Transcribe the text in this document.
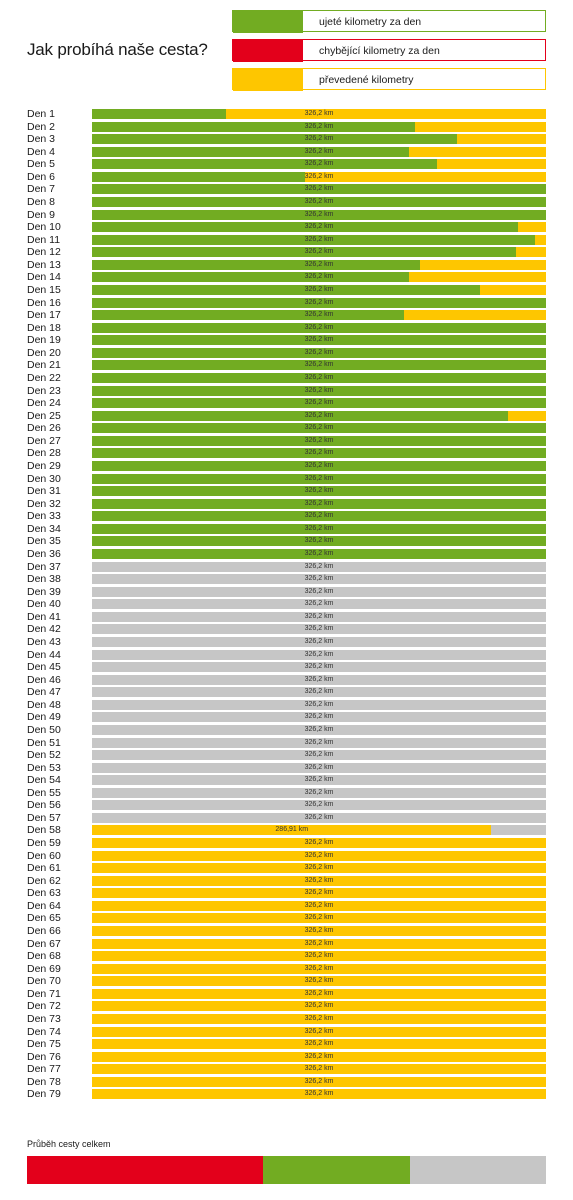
Jak probíhá naše cesta?
ujeté kilometry za den
chybějící kilometry za den
převedené kilometry
Den 1	326,2 km
Den 2	326,2 km
Den 3	326,2 km
Den 4	326,2 km
Den 5	326,2 km
Den 6	326,2 km
Den 7	326,2 km
Den 8	326,2 km
Den 9	326,2 km
Den 10	326,2 km
Den 11	326,2 km
Den 12	326,2 km
Den 13	326,2 km
Den 14	326,2 km
Den 15	326,2 km
Den 16	326,2 km
Den 17	326,2 km
Den 18	326,2 km
Den 19	326,2 km
Den 20	326,2 km
Den 21	326,2 km
Den 22	326,2 km
Den 23	326,2 km
Den 24	326,2 km
Den 25	326,2 km
Den 26	326,2 km
Den 27	326,2 km
Den 28	326,2 km
Den 29	326,2 km
Den 30	326,2 km
Den 31	326,2 km
Den 32	326,2 km
Den 33	326,2 km
Den 34	326,2 km
Den 35	326,2 km
Den 36	326,2 km
Den 37	326,2 km
Den 38	326,2 km
Den 39	326,2 km
Den 40	326,2 km
Den 41	326,2 km
Den 42	326,2 km
Den 43	326,2 km
Den 44	326,2 km
Den 45	326,2 km
Den 46	326,2 km
Den 47	326,2 km
Den 48	326,2 km
Den 49	326,2 km
Den 50	326,2 km
Den 51	326,2 km
Den 52	326,2 km
Den 53	326,2 km
Den 54	326,2 km
Den 55	326,2 km
Den 56	326,2 km
Den 57	326,2 km
Den 58	286,91 km
Den 59	326,2 km
Den 60	326,2 km
Den 61	326,2 km
Den 62	326,2 km
Den 63	326,2 km
Den 64	326,2 km
Den 65	326,2 km
Den 66	326,2 km
Den 67	326,2 km
Den 68	326,2 km
Den 69	326,2 km
Den 70	326,2 km
Den 71	326,2 km
Den 72	326,2 km
Den 73	326,2 km
Den 74	326,2 km
Den 75	326,2 km
Den 76	326,2 km
Den 77	326,2 km
Den 78	326,2 km
Den 79	326,2 km
Průběh cesty celkem
